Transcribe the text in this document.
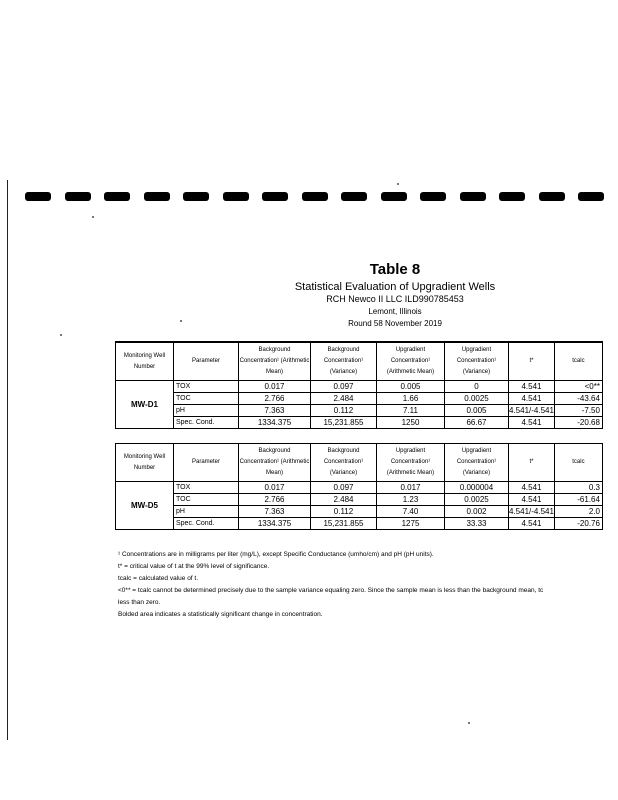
Table 8
Statistical Evaluation of Upgradient Wells
RCH Newco II LLC ILD990785453
Lemont, Illinois
Round 58 November 2019
Monitoring Well Number	Parameter	Background Concentration¹ (Arithmetic Mean)	Background Concentration¹ (Variance)	Upgradient Concentration¹ (Arithmetic Mean)	Upgradient Concentration¹ (Variance)	t*	tcalc
MW-D1	TOX	0.017	0.097	0.005	0	4.541	<0**
	TOC	2.766	2.484	1.66	0.0025	4.541	-43.64
	pH	7.363	0.112	7.11	0.005	4.541/-4.541	-7.50
	Spec. Cond.	1334.375	15,231.855	1250	66.67	4.541	-20.68
Monitoring Well Number	Parameter	Background Concentration¹ (Arithmetic Mean)	Background Concentration¹ (Variance)	Upgradient Concentration¹ (Arithmetic Mean)	Upgradient Concentration¹ (Variance)	t*	tcalc
MW-D5	TOX	0.017	0.097	0.017	0.000004	4.541	0.3
	TOC	2.766	2.484	1.23	0.0025	4.541	-61.64
	pH	7.363	0.112	7.40	0.002	4.541/-4.541	2.0
	Spec. Cond.	1334.375	15,231.855	1275	33.33	4.541	-20.76
¹ Concentrations are in milligrams per liter (mg/L), except Specific Conductance (umho/cm) and pH (pH units).
t* = critical value of t at the 99% level of significance.
tcalc = calculated value of t.
<0** = tcalc cannot be determined precisely due to the sample variance equaling zero. Since the sample mean is less than the background mean, tc
less than zero.
Bolded area indicates a statistically significant change in concentration.
